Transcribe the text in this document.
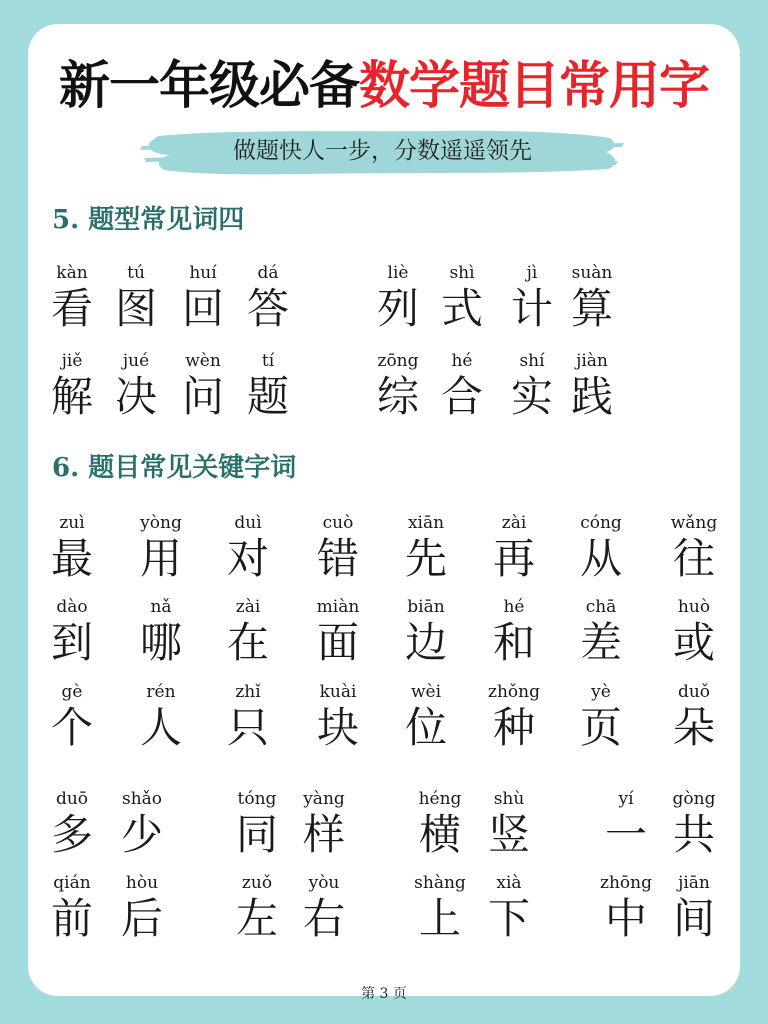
新一年级必备数学题目常用字
做题快人一步，分数遥遥领先
5. 题型常见词四
kàn
看
tú
图
huí
回
dá
答
liè
列
shì
式
jì
计
suàn
算
jiě
解
jué
决
wèn
问
tí
题
zōng
综
hé
合
shí
实
jiàn
践
6. 题目常见关键字词
zuì
最
yòng
用
duì
对
cuò
错
xiān
先
zài
再
cóng
从
wǎng
往
dào
到
nǎ
哪
zài
在
miàn
面
biān
边
hé
和
chā
差
huò
或
gè
个
rén
人
zhǐ
只
kuài
块
wèi
位
zhǒng
种
yè
页
duǒ
朵
duō
多
shǎo
少
tóng
同
yàng
样
héng
横
shù
竖
yí
一
gòng
共
qián
前
hòu
后
zuǒ
左
yòu
右
shàng
上
xià
下
zhōng
中
jiān
间
第 3 页
